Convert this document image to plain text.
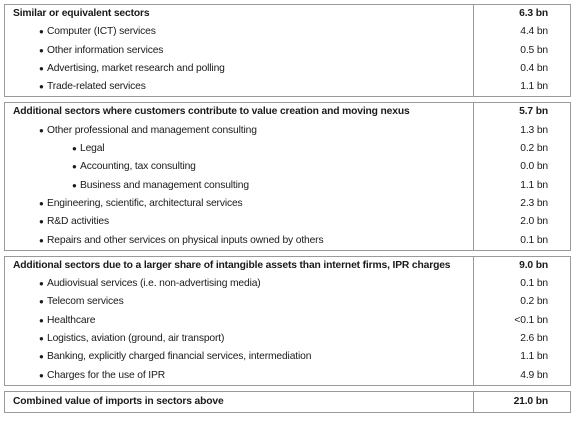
Similar or equivalent sectors	6.3 bn
● Computer (ICT) services	4.4 bn
● Other information services	0.5 bn
● Advertising, market research and polling	0.4 bn
● Trade-related services	1.1 bn

Additional sectors where customers contribute to value creation and moving nexus	5.7 bn
● Other professional and management consulting	1.3 bn
● Legal	0.2 bn
● Accounting, tax consulting	0.0 bn
● Business and management consulting	1.1 bn
● Engineering, scientific, architectural services	2.3 bn
● R&D activities	2.0 bn
● Repairs and other services on physical inputs owned by others	0.1 bn

Additional sectors due to a larger share of intangible assets than internet firms, IPR charges	9.0 bn
● Audiovisual services (i.e. non-advertising media)	0.1 bn
● Telecom services	0.2 bn
● Healthcare	<0.1 bn
● Logistics, aviation (ground, air transport)	2.6 bn
● Banking, explicitly charged financial services, intermediation	1.1 bn
● Charges for the use of IPR	4.9 bn

Combined value of imports in sectors above	21.0 bn
